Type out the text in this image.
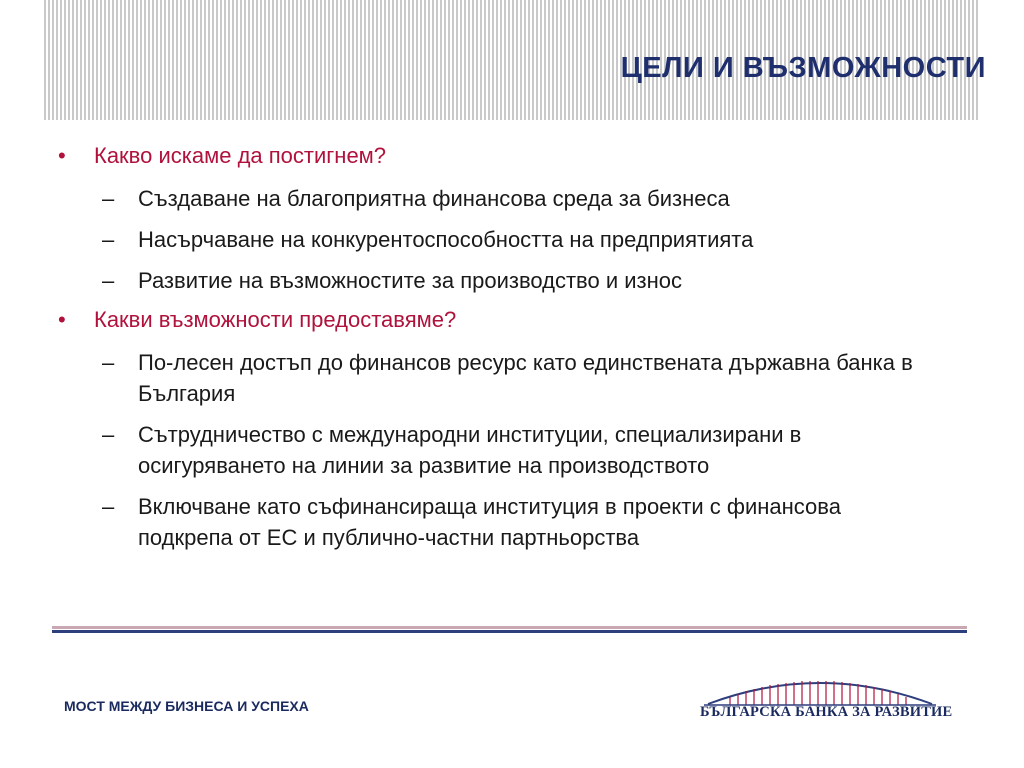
ЦЕЛИ И ВЪЗМОЖНОСТИ
•	Какво искаме да постигнем?
–	Създаване на благоприятна финансова среда за бизнеса
–	Насърчаване на конкурентоспособността на предприятията
–	Развитие на възможностите за производство и износ
•	Какви възможности предоставяме?
–	По-лесен достъп до финансов ресурс като единствената държавна банка в България
–	Сътрудничество с международни институции, специализирани в осигуряването на линии за развитие на производството
–	Включване като съфинансираща институция в проекти с финансова подкрепа от ЕС и публично-частни партньорства
МОСТ МЕЖДУ БИЗНЕСА И УСПЕХА	БЪЛГАРСКА БАНКА ЗА РАЗВИТИЕ
